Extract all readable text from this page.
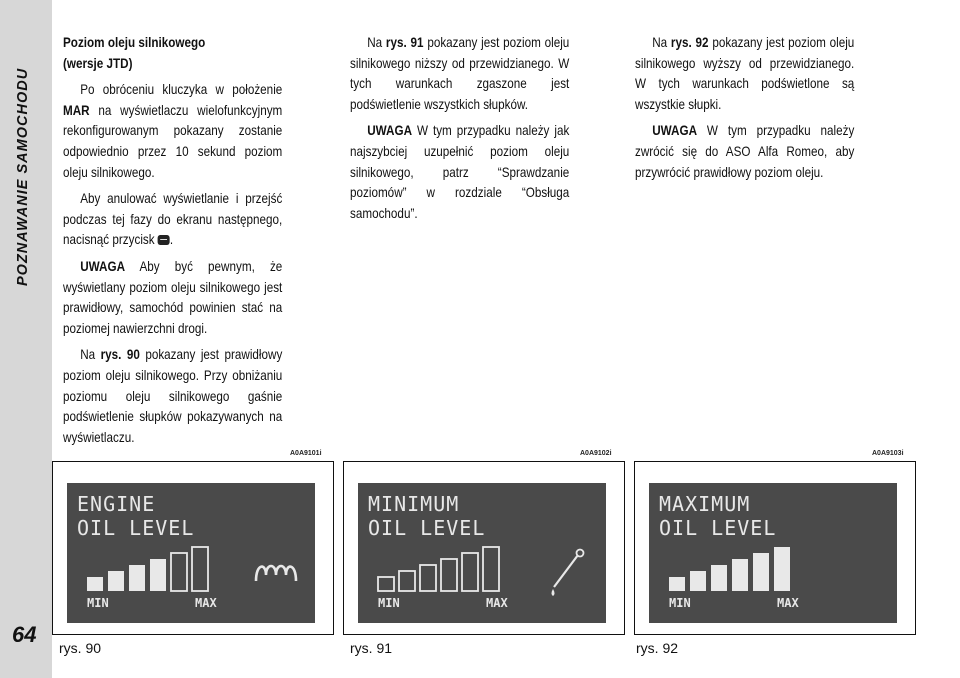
POZNAWANIE SAMOCHODU
64
Poziom oleju silnikowego
(wersje JTD)

Po obróceniu kluczyka w położenie MAR na wyświetlaczu wielofunkcyjnym rekonfigurowanym pokazany zostanie odpowiednio przez 10 sekund poziom oleju silnikowego.

Aby anulować wyświetlanie i przejść podczas tej fazy do ekranu następnego, nacisnąć przycisk .

UWAGA Aby być pewnym, że wyświetlany poziom oleju silnikowego jest prawidłowy, samochód powinien stać na poziomej nawierzchni drogi.

Na rys. 90 pokazany jest prawidłowy poziom oleju silnikowego. Przy obniżaniu poziomu oleju silnikowego gaśnie podświetlenie słupków pokazywanych na wyświetlaczu.

Na rys. 91 pokazany jest poziom oleju silnikowego niższy od przewidzianego. W tych warunkach zgaszone jest podświetlenie wszystkich słupków.

UWAGA W tym przypadku należy jak najszybciej uzupełnić poziom oleju silnikowego, patrz “Sprawdzanie poziomów” w rozdziale “Obsługa samochodu”.

Na rys. 92 pokazany jest poziom oleju silnikowego wyższy od przewidzianego. W tych warunkach podświetlone są wszystkie słupki.

UWAGA W tym przypadku należy zwrócić się do ASO Alfa Romeo, aby przywrócić prawidłowy poziom oleju.

A0A9101i
ENGINE
OIL LEVEL
MIN	MAX
rys. 90
A0A9102i
MINIMUM
OIL LEVEL
MIN	MAX
rys. 91
A0A9103i
MAXIMUM
OIL LEVEL
MIN	MAX
rys. 92
